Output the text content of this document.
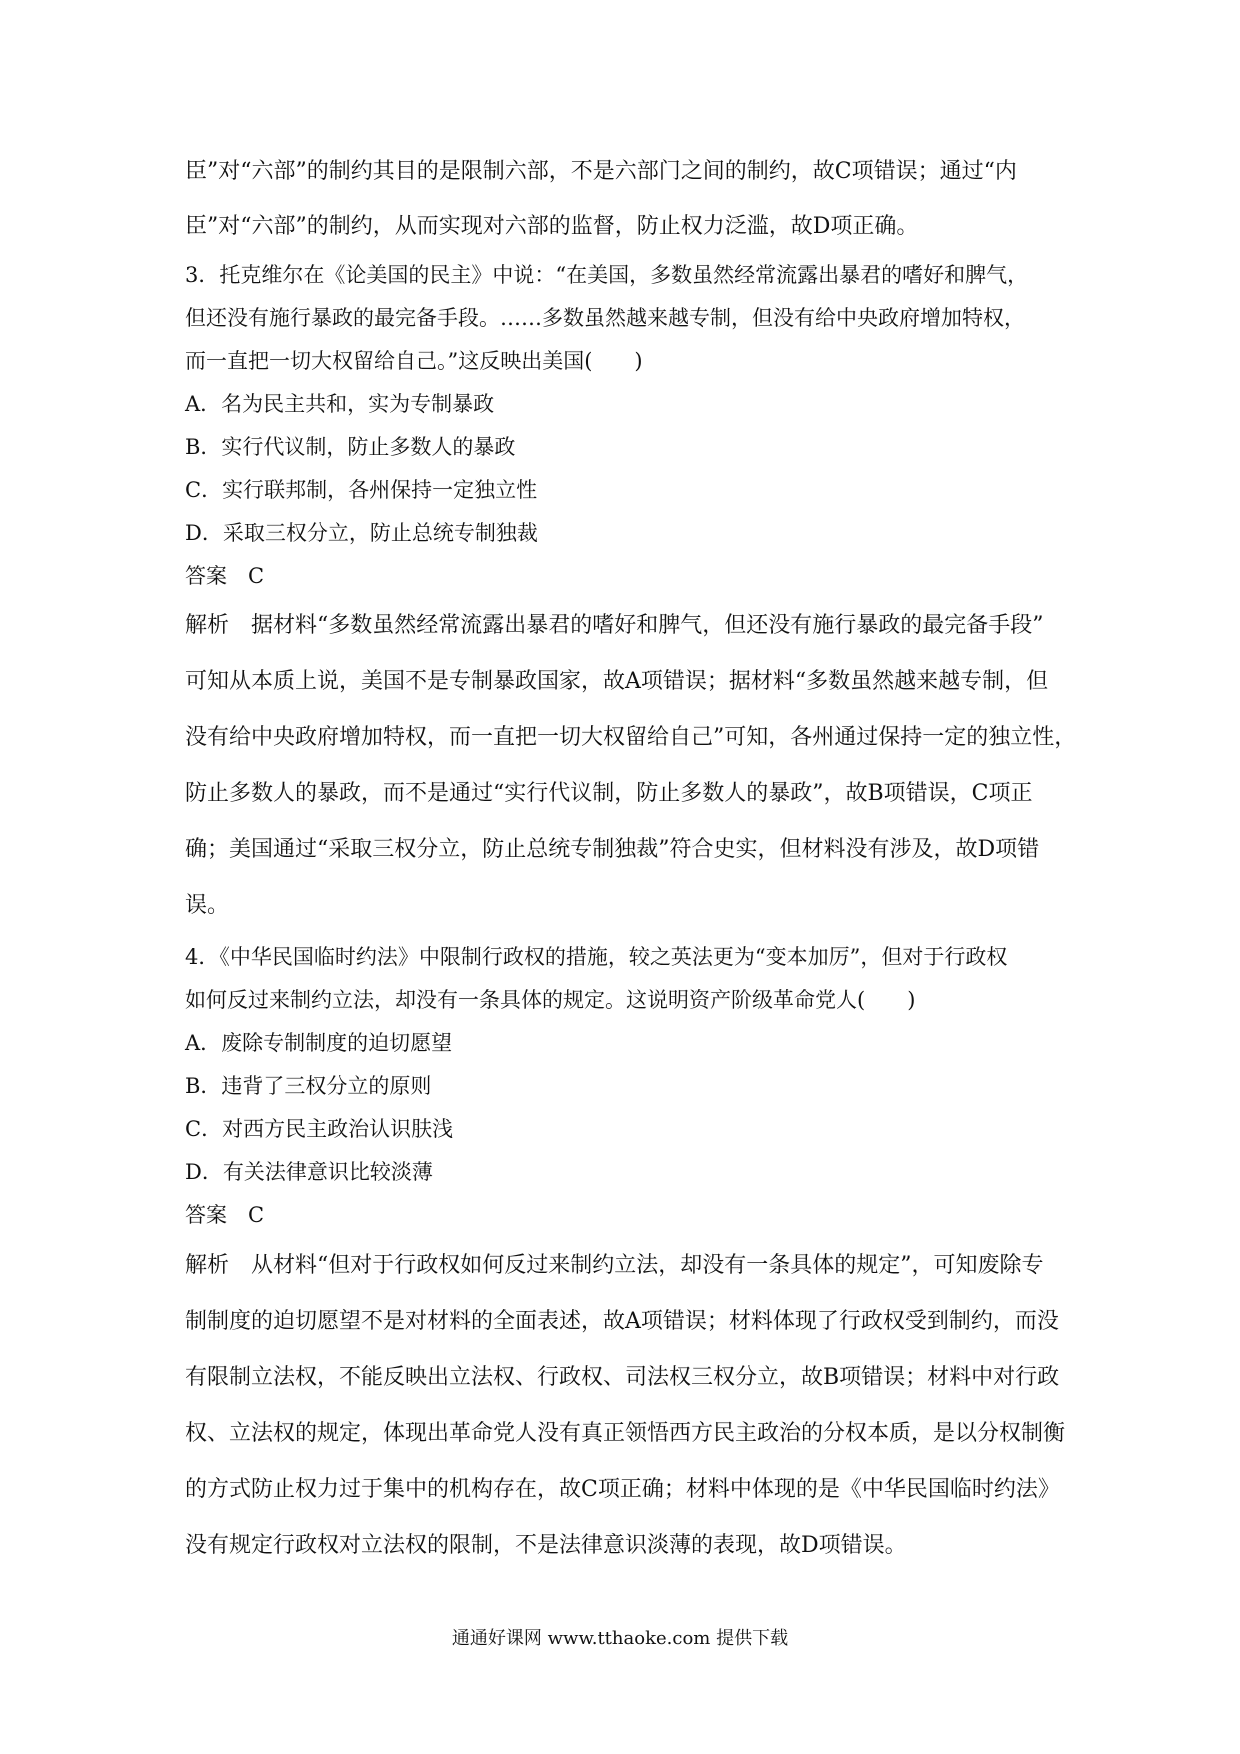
臣”对“六部”的制约其目的是限制六部，不是六部门之间的制约，故C项错误；通过“内
臣”对“六部”的制约，从而实现对六部的监督，防止权力泛滥，故D项正确。
3．托克维尔在《论美国的民主》中说：“在美国，多数虽然经常流露出暴君的嗜好和脾气，
但还没有施行暴政的最完备手段。……多数虽然越来越专制，但没有给中央政府增加特权，
而一直把一切大权留给自己。”这反映出美国(　　)
A．名为民主共和，实为专制暴政
B．实行代议制，防止多数人的暴政
C．实行联邦制，各州保持一定独立性
D．采取三权分立，防止总统专制独裁
答案　C
解析　据材料“多数虽然经常流露出暴君的嗜好和脾气，但还没有施行暴政的最完备手段”
可知从本质上说，美国不是专制暴政国家，故A项错误；据材料“多数虽然越来越专制，但
没有给中央政府增加特权，而一直把一切大权留给自己”可知，各州通过保持一定的独立性，
防止多数人的暴政，而不是通过“实行代议制，防止多数人的暴政”，故B项错误，C项正
确；美国通过“采取三权分立，防止总统专制独裁”符合史实，但材料没有涉及，故D项错
误。
4．《中华民国临时约法》中限制行政权的措施，较之英法更为“变本加厉”，但对于行政权
如何反过来制约立法，却没有一条具体的规定。这说明资产阶级革命党人(　　)
A．废除专制制度的迫切愿望
B．违背了三权分立的原则
C．对西方民主政治认识肤浅
D．有关法律意识比较淡薄
答案　C
解析　从材料“但对于行政权如何反过来制约立法，却没有一条具体的规定”，可知废除专
制制度的迫切愿望不是对材料的全面表述，故A项错误；材料体现了行政权受到制约，而没
有限制立法权，不能反映出立法权、行政权、司法权三权分立，故B项错误；材料中对行政
权、立法权的规定，体现出革命党人没有真正领悟西方民主政治的分权本质，是以分权制衡
的方式防止权力过于集中的机构存在，故C项正确；材料中体现的是《中华民国临时约法》
没有规定行政权对立法权的限制，不是法律意识淡薄的表现，故D项错误。
通通好课网 www.tthaoke.com 提供下载
